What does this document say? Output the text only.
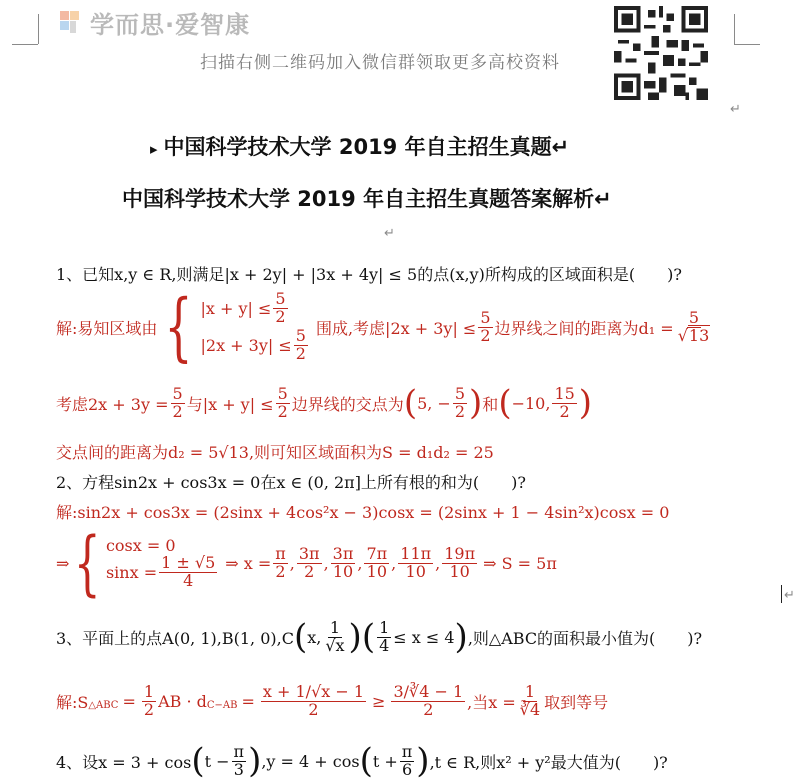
学而思·爱智康
扫描右侧二维码加入微信群领取更多高校资料
↵
▸ 中国科学技术大学 2019 年自主招生真题↵
中国科学技术大学 2019 年自主招生真题答案解析↵
↵
1、已知x,y ∈ R,则满足|x + 2y| + |3x + 4y| ≤ 5的点(x,y)所构成的区域面积是(　　)?
解:易知区域由 { $|x + y| \le \frac{5}{2}$
$|2x + 3y| \le \frac{5}{2}$ 围成,考虑$|2x + 3y| \le \frac{5}{2}$ 边界线之间的距离为$d_1 = \frac{5}{√13}$
考虑$2x + 3y = \frac{5}{2}$ 与$|x + y| \le \frac{5}{2}$ 边界线的交点为 ( 5, − $\frac{5}{2}$ ) 和 ( −10, $\frac{15}{2}$ )
交点间的距离为d₂ = 5√13,则可知区域面积为S = d₁d₂ = 25
2、方程sin2x + cos3x = 0在x ∈ (0, 2π]上所有根的和为(　　)?
解:sin2x + cos3x = (2sinx + 4cos²x − 3)cosx = (2sinx + 1 − 4sin²x)cosx = 0
⇒ { cosx = 0
$\sin x = \frac{1 \pm √5}{4}$ ⇒ $x = \frac{\pi}{2}$ , $\frac{3\pi}{2}$ , $\frac{3\pi}{10}$ , $\frac{7\pi}{10}$ , $\frac{11\pi}{10}$ , $\frac{19\pi}{10}$ ⇒ S = 5π
↵
3、平面上的点A(0, 1),B(1, 0),C ( x, $\frac{1}{√x}$ ) ( $\frac{1}{4} \le x \le 4$ ) ,则△ABC的面积最小值为(　　)?
解:S △ABC = $\frac{1}{2}$ AB · d $C-AB = \frac{x + 1/√x - 1}{2} \ge \frac{3/∛4 - 1}{2}$ ,当$x = \frac{1}{∛4}$ 取到等号
4、设x = 3 + cos ( $t - \frac{\pi}{3}$ ) ,y = 4 + cos ( $t + \frac{\pi}{6}$ ) ,t ∈ R,则x² + y²最大值为(　　)?
